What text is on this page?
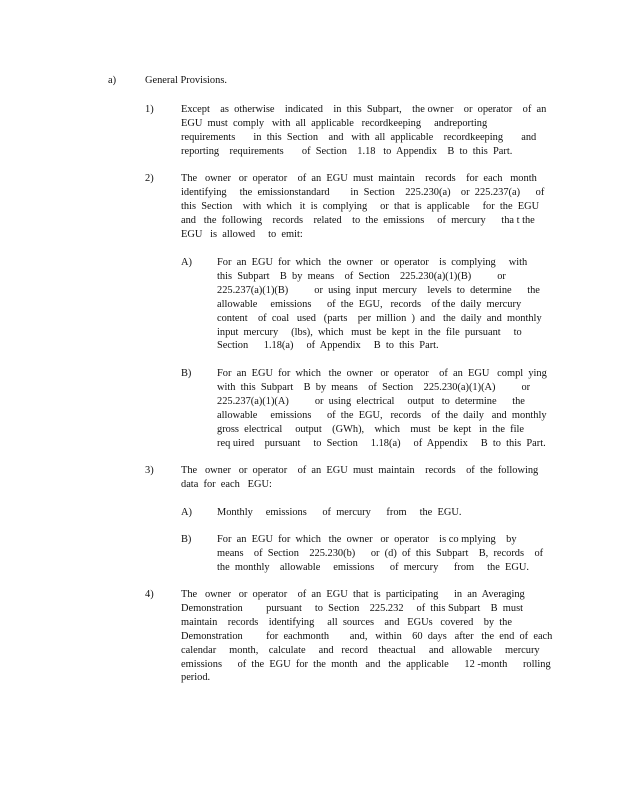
a)	General Provisions.
1)	Except    as  otherwise    indicated    in  this  Subpart,    the owner    or  operator    of  an
EGU  must  comply   with  all  applicable   recordkeeping     andreporting
requirements       in  this  Section    and   with  all  applicable    recordkeeping       and
reporting    requirements       of  Section    1.18   to  Appendix    B  to  this  Part.
2)	The   owner   or  operator    of  an  EGU  must  maintain    records    for  each   month
identifying     the  emissionstandard        in  Section    225.230(a)    or  225.237(a)      of
this  Section    with  which   it  is  complying     or  that  is  applicable     for  the  EGU
and   the  following    records    related    to  the  emissions     of  mercury      tha t the
EGU   is  allowed     to  emit:
A) For  an  EGU  for  which   the  owner   or  operator    is  complying     with
this  Subpart    B  by  means    of  Section    225.230(a)(1)(B)          or
225.237(a)(1)(B)          or  using  input  mercury    levels  to  determine      the
allowable     emissions      of  the  EGU,   records    of the  daily  mercury
content    of  coal   used   (parts    per  million  )  and   the  daily  and  monthly
input  mercury     (lbs),  which   must  be  kept  in  the  file  pursuant     to
Section      1.18(a)     of  Appendix     B  to  this  Part.
B) For  an  EGU  for  which   the  owner   or  operator    of  an  EGU   compl  ying
with  this  Subpart    B  by  means    of  Section    225.230(a)(1)(A)          or
225.237(a)(1)(A)          or  using  electrical     output   to  determine      the
allowable     emissions      of  the  EGU,   records    of  the  daily   and  monthly
gross  electrical     output    (GWh),    which    must   be  kept   in  the  file
req uired    pursuant     to  Section     1.18(a)     of  Appendix     B  to  this  Part.
3)	The   owner   or  operator    of  an  EGU  must  maintain    records    of  the  following
data  for  each   EGU:
A) Monthly     emissions      of  mercury      from     the  EGU.
B) For  an  EGU  for  which   the  owner   or  operator    is co mplying    by
means    of  Section    225.230(b)      or  (d)  of  this  Subpart    B,  records    of
the  monthly    allowable     emissions      of  mercury      from     the  EGU.
4)	The   owner   or  operator    of  an  EGU  that  is  participating      in  an  Averaging
Demonstration         pursuant     to  Section    225.232     of  this Subpart    B  must
maintain    records    identifying     all  sources    and   EGUs   covered    by  the
Demonstration         for  eachmonth        and,   within    60  days   after   the  end  of  each
calendar     month,    calculate     and   record    theactual     and   allowable     mercury
emissions      of  the  EGU  for  the  month   and   the  applicable      12 -month      rolling
period.
